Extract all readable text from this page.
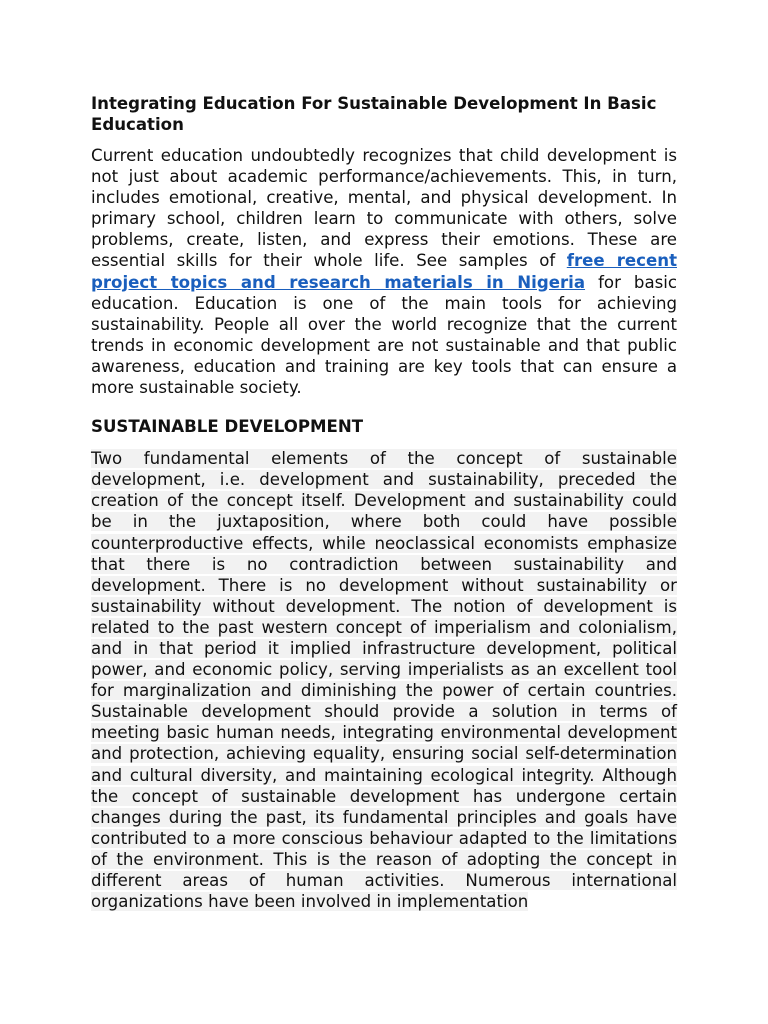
Integrating Education For Sustainable Development In Basic Education

Current education undoubtedly recognizes that child development is not just about academic performance/achievements. This, in turn, includes emotional, creative, mental, and physical development. In primary school, children learn to communicate with others, solve problems, create, listen, and express their emotions. These are essential skills for their whole life. See samples of free recent project topics and research materials in Nigeria for basic education. Education is one of the main tools for achieving sustainability. People all over the world recognize that the current trends in economic development are not sustainable and that public awareness, education and training are key tools that can ensure a more sustainable society.

SUSTAINABLE DEVELOPMENT

Two fundamental elements of the concept of sustainable development, i.e. development and sustainability, preceded the creation of the concept itself. Development and sustainability could be in the juxtaposition, where both could have possible counterproductive effects, while neoclassical economists emphasize that there is no contradiction between sustainability and development. There is no development without sustainability or sustainability without development. The notion of development is related to the past western concept of imperialism and colonialism, and in that period it implied infrastructure development, political power, and economic policy, serving imperialists as an excellent tool for marginalization and diminishing the power of certain countries. Sustainable development should provide a solution in terms of meeting basic human needs, integrating environmental development and protection, achieving equality, ensuring social self-determination and cultural diversity, and maintaining ecological integrity. Although the concept of sustainable development has undergone certain changes during the past, its fundamental principles and goals have contributed to a more conscious behaviour adapted to the limitations of the environment. This is the reason of adopting the concept in different areas of human activities. Numerous international organizations have been involved in implementation
